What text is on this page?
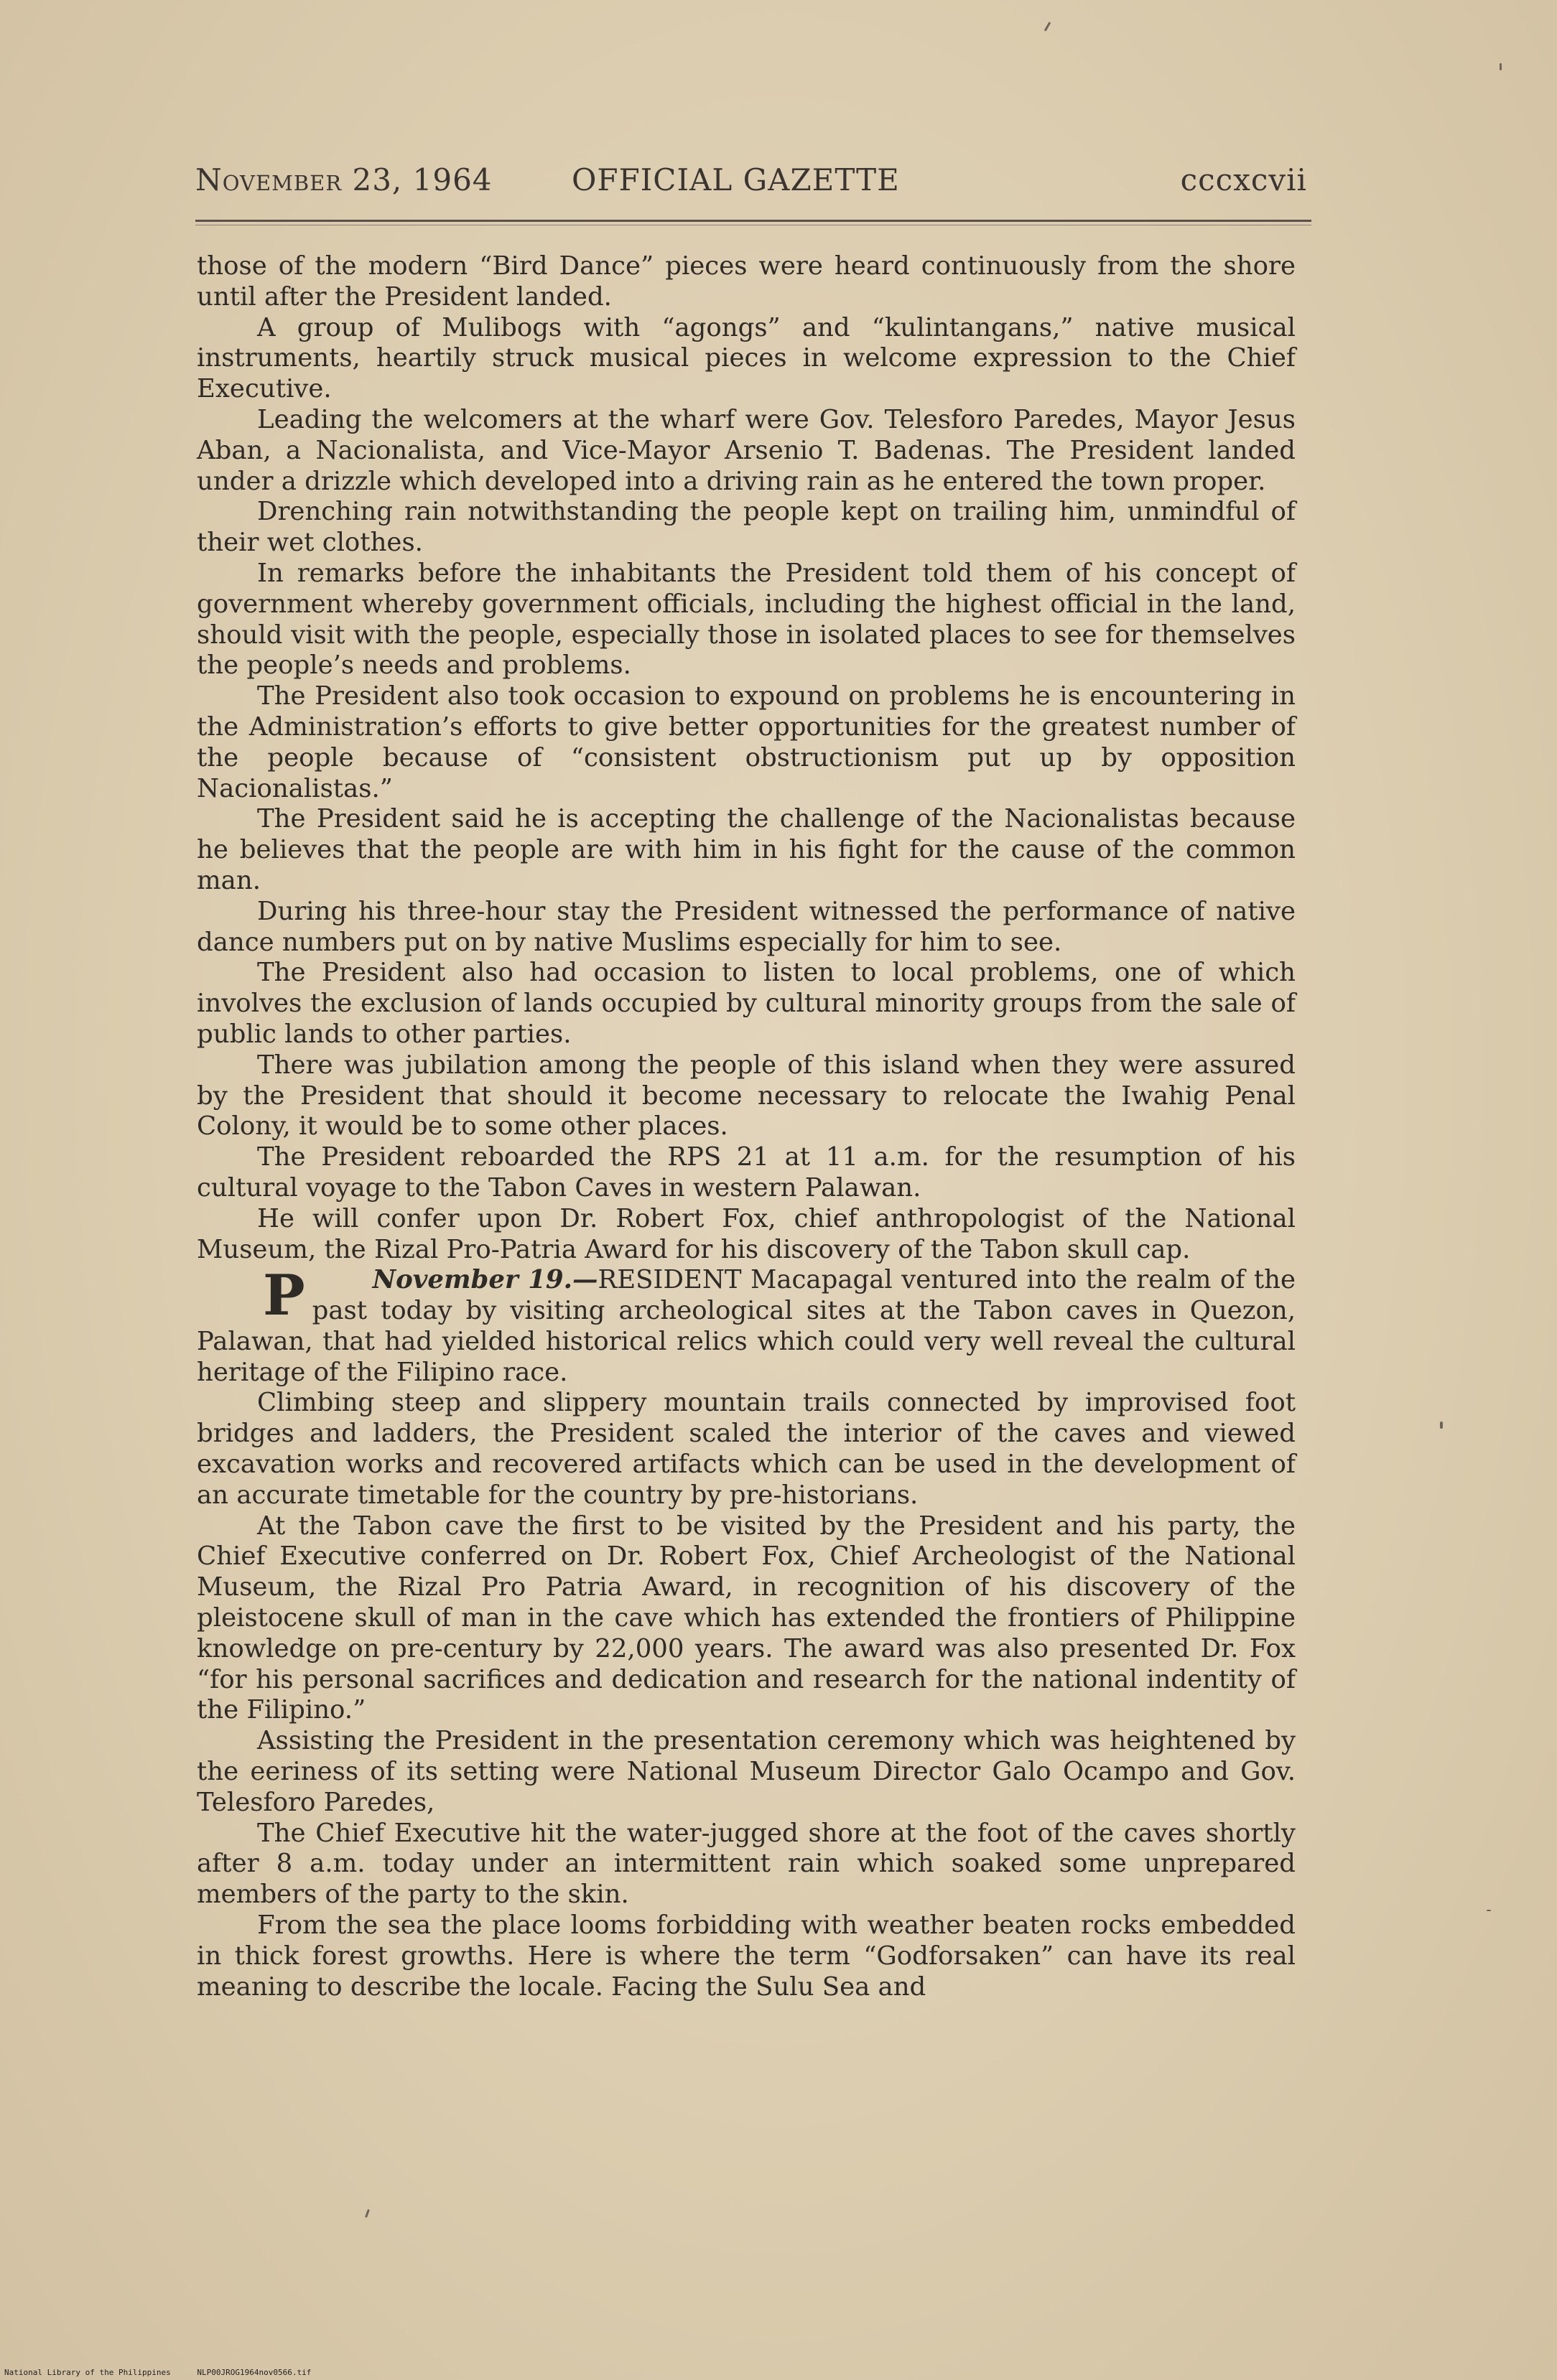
November 23, 1964	OFFICIAL GAZETTE	cccxcvii

those of the modern “Bird Dance” pieces were heard continuously from the shore until after the President landed.

A group of Mulibogs with “agongs” and “kulintangans,” native musical instruments, heartily struck musical pieces in welcome expression to the Chief Executive.

Leading the welcomers at the wharf were Gov. Telesforo Paredes, Mayor Jesus Aban, a Nacionalista, and Vice-Mayor Arsenio T. Badenas. The President landed under a drizzle which developed into a driving rain as he entered the town proper.

Drenching rain notwithstanding the people kept on trailing him, unmindful of their wet clothes.

In remarks before the inhabitants the President told them of his concept of government whereby government officials, including the highest official in the land, should visit with the people, especially those in isolated places to see for themselves the people’s needs and problems.

The President also took occasion to expound on problems he is encountering in the Administration’s efforts to give better opportunities for the greatest number of the people because of “consistent obstructionism put up by opposition Nacionalistas.”

The President said he is accepting the challenge of the Nacionalistas because he believes that the people are with him in his fight for the cause of the common man.

During his three-hour stay the President witnessed the performance of native dance numbers put on by native Muslims especially for him to see.

The President also had occasion to listen to local problems, one of which involves the exclusion of lands occupied by cultural minority groups from the sale of public lands to other parties.

There was jubilation among the people of this island when they were assured by the President that should it become necessary to relocate the Iwahig Penal Colony, it would be to some other places.

The President reboarded the RPS 21 at 11 a.m. for the resumption of his cultural voyage to the Tabon Caves in western Palawan.

He will confer upon Dr. Robert Fox, chief anthropologist of the National Museum, the Rizal Pro-Patria Award for his discovery of the Tabon skull cap.

November 19.—
P	RESIDENT Macapagal ventured into the realm of the past today by visiting archeological sites at the Tabon caves in Quezon, Palawan, that had yielded historical relics which could very well reveal the cultural heritage of the Filipino race.

Climbing steep and slippery mountain trails connected by improvised foot bridges and ladders, the President scaled the interior of the caves and viewed excavation works and recovered artifacts which can be used in the development of an accurate timetable for the country by pre-historians.

At the Tabon cave the first to be visited by the President and his party, the Chief Executive conferred on Dr. Robert Fox, Chief Archeologist of the National Museum, the Rizal Pro Patria Award, in recognition of his discovery of the pleistocene skull of man in the cave which has extended the frontiers of Philippine knowledge on pre-century by 22,000 years. The award was also presented Dr. Fox “for his personal sacrifices and dedication and research for the national indentity of the Filipino.”

Assisting the President in the presentation ceremony which was heightened by the eeriness of its setting were National Museum Director Galo Ocampo and Gov. Telesforo Paredes,

The Chief Executive hit the water-jugged shore at the foot of the caves shortly after 8 a.m. today under an intermittent rain which soaked some unprepared members of the party to the skin.

From the sea the place looms forbidding with weather beaten rocks embedded in thick forest growths. Here is where the term “Godforsaken” can have its real meaning to describe the locale. Facing the Sulu Sea and

National Library of the Philippines	NLP00JROG1964nov0566.tif
